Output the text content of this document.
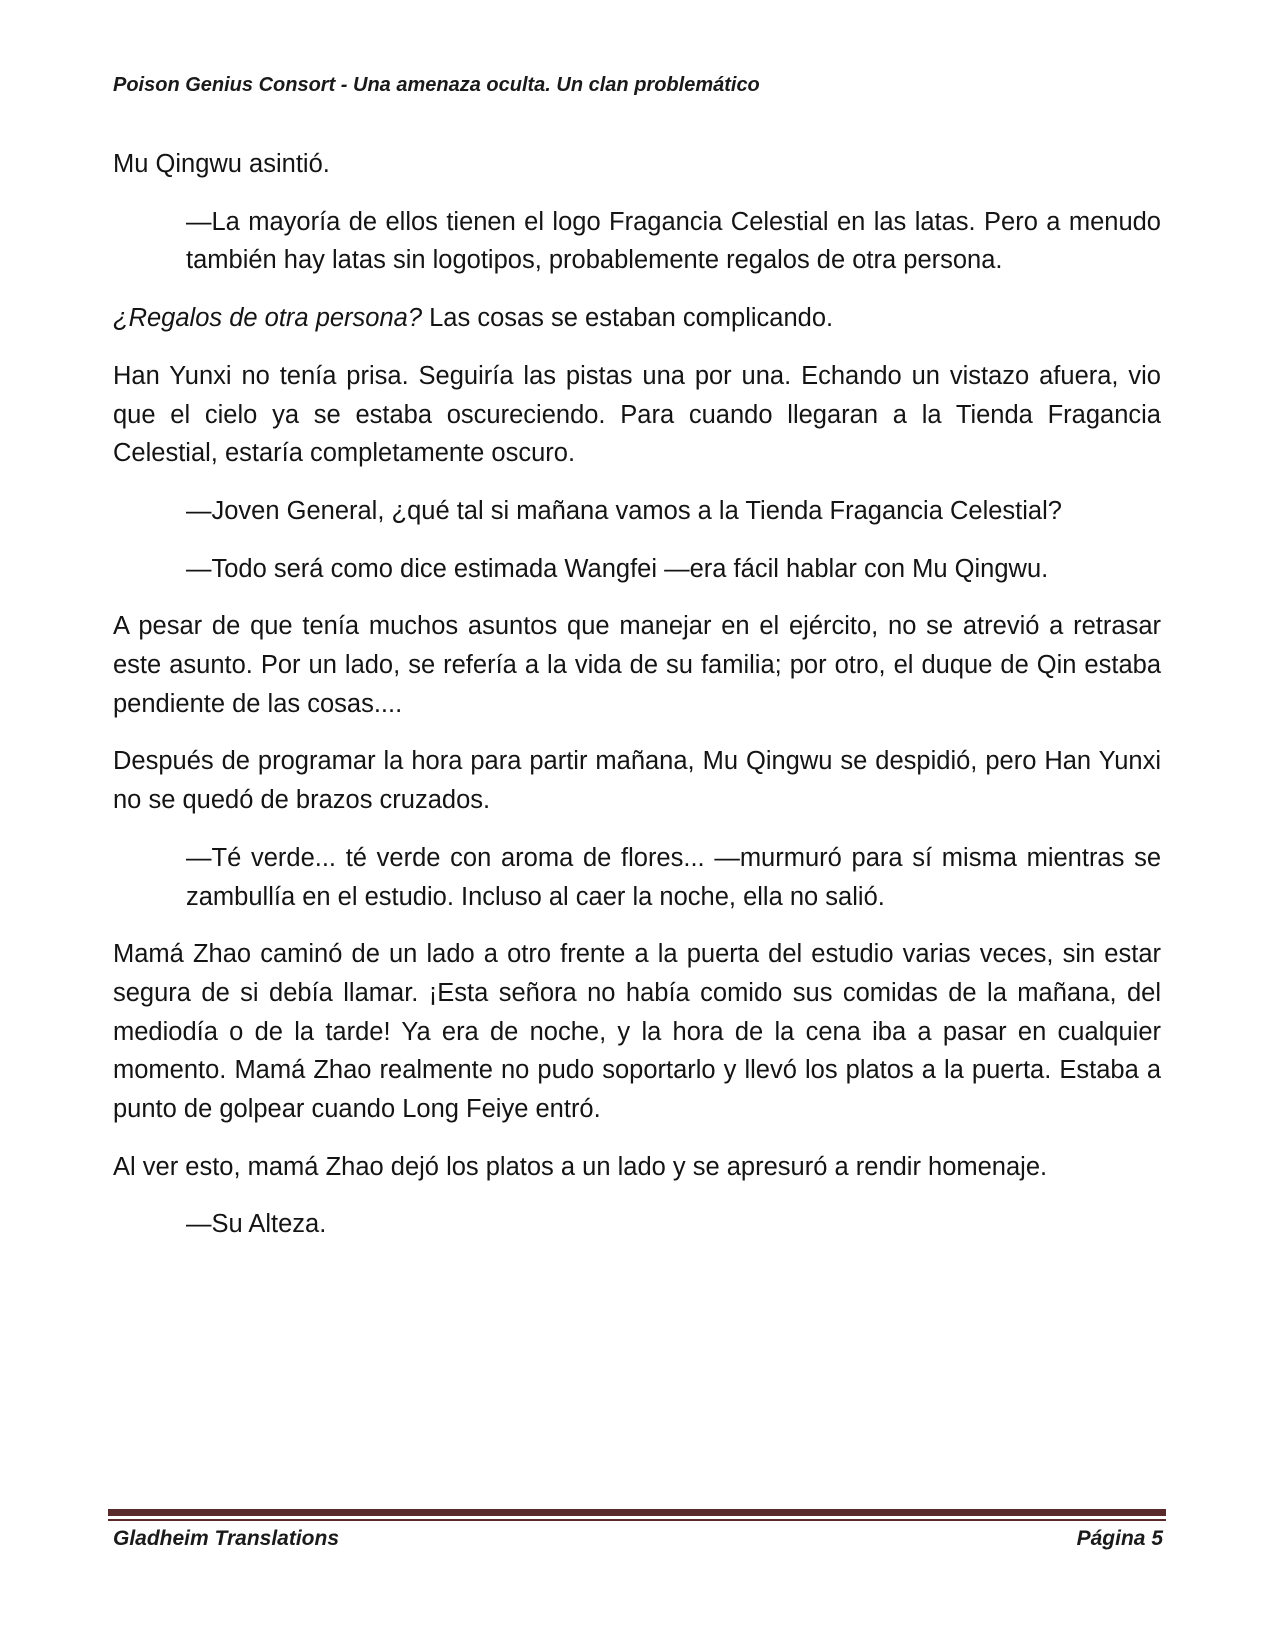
Poison Genius Consort - Una amenaza oculta. Un clan problemático

Mu Qingwu asintió.

—La mayoría de ellos tienen el logo Fragancia Celestial en las latas. Pero a menudo también hay latas sin logotipos, probablemente regalos de otra persona.

¿Regalos de otra persona? Las cosas se estaban complicando.

Han Yunxi no tenía prisa. Seguiría las pistas una por una. Echando un vistazo afuera, vio que el cielo ya se estaba oscureciendo. Para cuando llegaran a la Tienda Fragancia Celestial, estaría completamente oscuro.

—Joven General, ¿qué tal si mañana vamos a la Tienda Fragancia Celestial?

—Todo será como dice estimada Wangfei —era fácil hablar con Mu Qingwu.

A pesar de que tenía muchos asuntos que manejar en el ejército, no se atrevió a retrasar este asunto. Por un lado, se refería a la vida de su familia; por otro, el duque de Qin estaba pendiente de las cosas....

Después de programar la hora para partir mañana, Mu Qingwu se despidió, pero Han Yunxi no se quedó de brazos cruzados.

—Té verde... té verde con aroma de flores... —murmuró para sí misma mientras se zambullía en el estudio. Incluso al caer la noche, ella no salió.

Mamá Zhao caminó de un lado a otro frente a la puerta del estudio varias veces, sin estar segura de si debía llamar. ¡Esta señora no había comido sus comidas de la mañana, del mediodía o de la tarde! Ya era de noche, y la hora de la cena iba a pasar en cualquier momento. Mamá Zhao realmente no pudo soportarlo y llevó los platos a la puerta. Estaba a punto de golpear cuando Long Feiye entró.

Al ver esto, mamá Zhao dejó los platos a un lado y se apresuró a rendir homenaje.

—Su Alteza.

Gladheim Translations	Página 5
